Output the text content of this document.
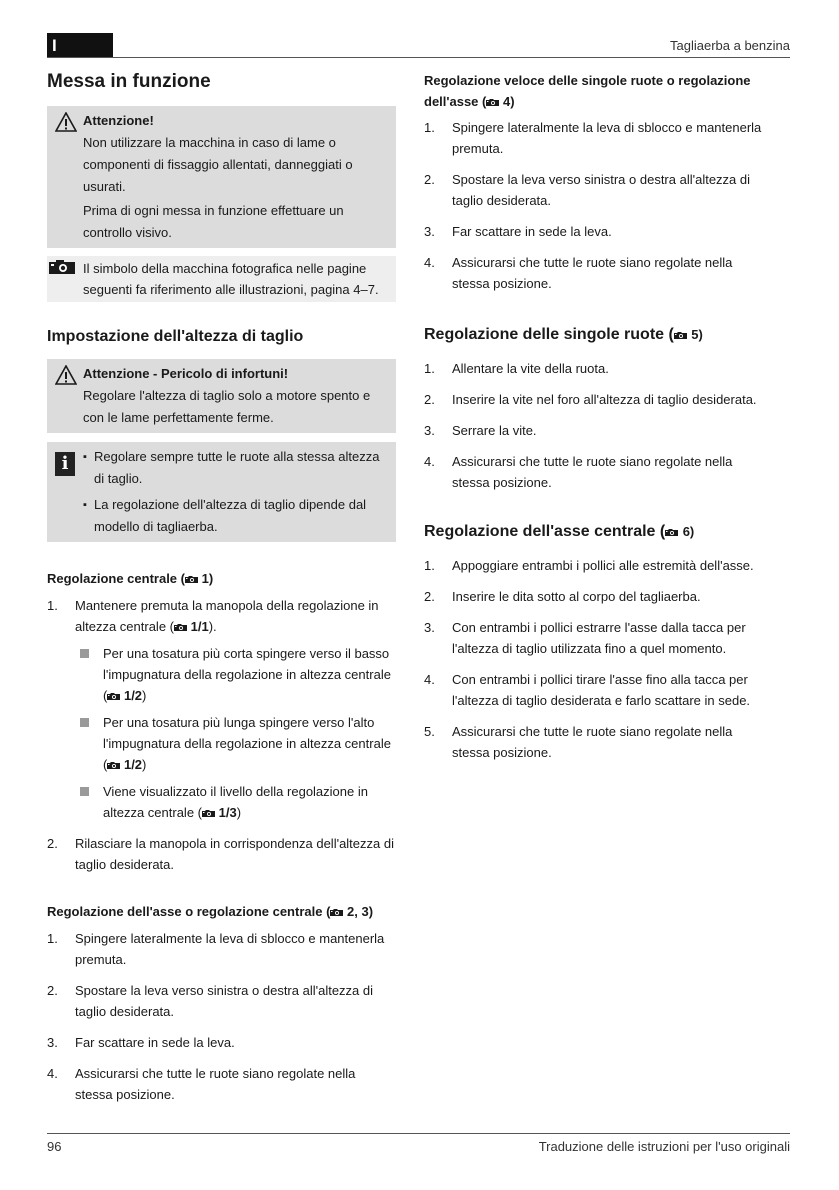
I	Tagliaerba a benzina
Messa in funzione

Attenzione!

Non utilizzare la macchina in caso di lame o componenti di fissaggio allentati, danneggiati o usurati.

Prima di ogni messa in funzione effettuare un controllo visivo.

Il simbolo della macchina fotografica nelle pagine seguenti fa riferimento alle illustrazioni, pagina 4–7.
Impostazione dell'altezza di taglio

Attenzione - Pericolo di infortuni!

Regolare l'altezza di taglio solo a motore spento e con le lame perfettamente ferme.

i
▪	Regolare sempre tutte le ruote alla stessa altezza di taglio.
▪ La regolazione dell'altezza di taglio dipende dal modello di tagliaerba.
Regolazione centrale ( 1)
1. Mantenere premuta la manopola della regolazione in altezza centrale ( 1/1).
Per una tosatura più corta spingere verso il basso l'impugnatura della regolazione in altezza centrale ( 1/2)
Per una tosatura più lunga spingere verso l'alto l'impugnatura della regolazione in altezza centrale ( 1/2)
Viene visualizzato il livello della regolazione in altezza centrale ( 1/3)
2. Rilasciare la manopola in corrispondenza dell'altezza di taglio desiderata.
Regolazione dell'asse o regolazione centrale ( 2, 3)
1. Spingere lateralmente la leva di sblocco e mantenerla premuta.
2. Spostare la leva verso sinistra o destra all'altezza di taglio desiderata.
3. Far scattare in sede la leva.
4. Assicurarsi che tutte le ruote siano regolate nella stessa posizione.
Regolazione veloce delle singole ruote o regolazione dell'asse ( 4)
1. Spingere lateralmente la leva di sblocco e mantenerla premuta.
2. Spostare la leva verso sinistra o destra all'altezza di taglio desiderata.
3. Far scattare in sede la leva.
4. Assicurarsi che tutte le ruote siano regolate nella stessa posizione.
Regolazione delle singole ruote ( 5)
1. Allentare la vite della ruota.
2. Inserire la vite nel foro all'altezza di taglio desiderata.
3. Serrare la vite.
4. Assicurarsi che tutte le ruote siano regolate nella stessa posizione.
Regolazione dell'asse centrale ( 6)
1. Appoggiare entrambi i pollici alle estremità dell'asse.
2. Inserire le dita sotto al corpo del tagliaerba.
3. Con entrambi i pollici estrarre l'asse dalla tacca per l'altezza di taglio utilizzata fino a quel momento.
4. Con entrambi i pollici tirare l'asse fino alla tacca per l'altezza di taglio desiderata e farlo scattare in sede.
5. Assicurarsi che tutte le ruote siano regolate nella stessa posizione.
96	Traduzione delle istruzioni per l'uso originali
